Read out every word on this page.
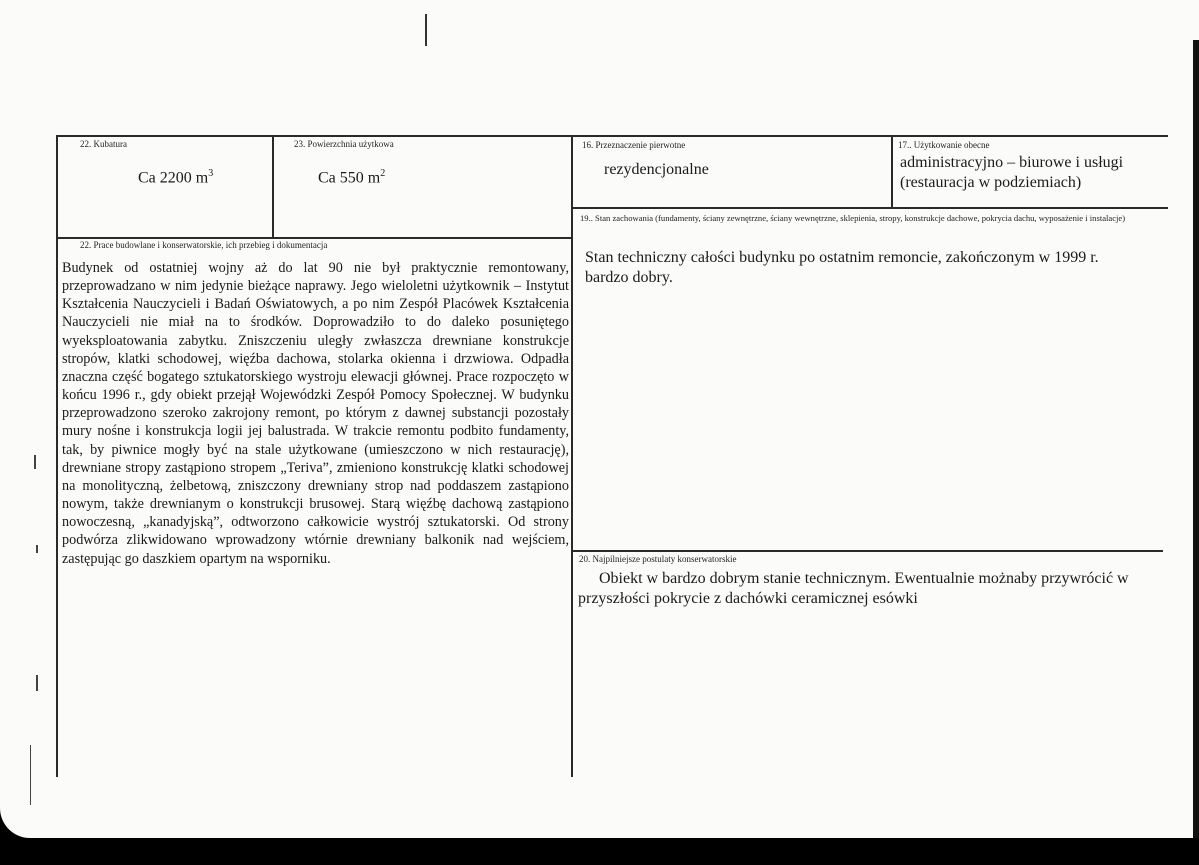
22. Kubatura
Ca 2200 $m^3$
23. Powierzchnia użytkowa
Ca 550 $m^2$
16. Przeznaczenie pierwotne
rezydencjonalne
17.. Użytkowanie obecne
administracyjno – biurowe i usługi (restauracja w podziemiach)
22. Prace budowlane i konserwatorskie, ich przebieg i dokumentacja
Budynek od ostatniej wojny aż do lat 90 nie był praktycznie remontowany, przeprowadzano w nim jedynie bieżące naprawy. Jego wieloletni użytkownik – Instytut Kształcenia Nauczycieli i Badań Oświatowych, a po nim Zespół Placówek Kształcenia Nauczycieli nie miał na to środków. Doprowadziło to do daleko posuniętego wyeksploatowania zabytku. Zniszczeniu uległy zwłaszcza drewniane konstrukcje stropów, klatki schodowej, więźba dachowa, stolarka okienna i drzwiowa. Odpadła znaczna część bogatego sztukatorskiego wystroju elewacji głównej. Prace rozpoczęto w końcu 1996 r., gdy obiekt przejął Wojewódzki Zespół Pomocy Społecznej. W budynku przeprowadzono szeroko zakrojony remont, po którym z dawnej substancji pozostały mury nośne i konstrukcja logii jej balustrada. W trakcie remontu podbito fundamenty, tak, by piwnice mogły być na stale użytkowane (umieszczono w nich restaurację), drewniane stropy zastąpiono stropem „Teriva”, zmieniono konstrukcję klatki schodowej na monolityczną, żelbetową, zniszczony drewniany strop nad poddaszem zastąpiono nowym, także drewnianym o konstrukcji brusowej. Starą więźbę dachową zastąpiono nowoczesną, „kanadyjską”, odtworzono całkowicie wystrój sztukatorski. Od strony podwórza zlikwidowano wprowadzony wtórnie drewniany balkonik nad wejściem, zastępując go daszkiem opartym na wsporniku.
19.. Stan zachowania (fundamenty, ściany zewnętrzne, ściany wewnętrzne, sklepienia, stropy, konstrukcje dachowe, pokrycia dachu, wyposażenie i instalacje)
Stan techniczny całości budynku po ostatnim remoncie, zakończonym w 1999 r. bardzo dobry.
20. Najpilniejsze postulaty konserwatorskie
Obiekt w bardzo dobrym stanie technicznym. Ewentualnie możnaby przywrócić w przyszłości pokrycie z dachówki ceramicznej esówki
